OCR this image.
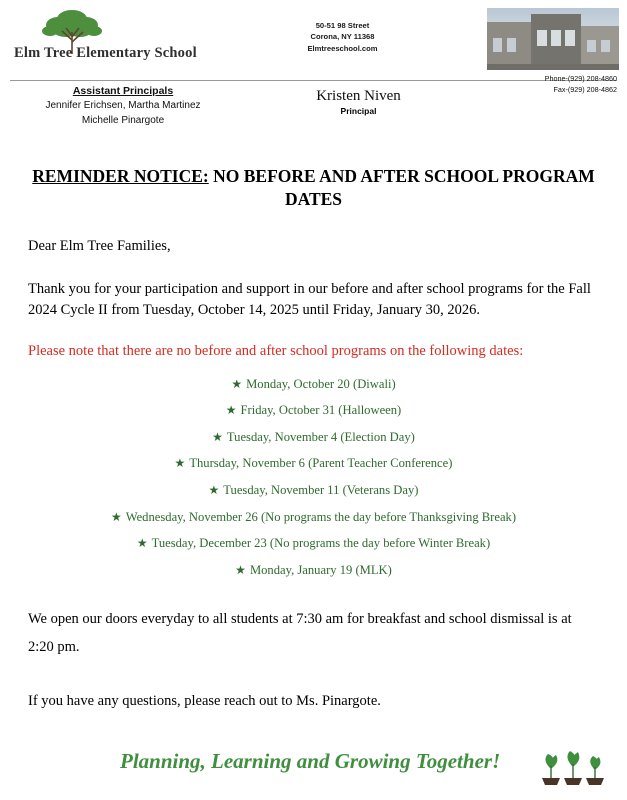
Elm Tree Elementary School
50-51 98 Street
Corona, NY 11368
Elmtreeschool.com
Phone-(929) 208-4860
Fax-(929) 208-4862
Assistant Principals
Jennifer Erichsen, Martha Martinez
Michelle Pinargote
Kristen Niven
Principal
REMINDER NOTICE: NO BEFORE AND AFTER SCHOOL PROGRAM DATES

Dear Elm Tree Families,

Thank you for your participation and support in our before and after school programs for the Fall 2024 Cycle II from Tuesday, October 14, 2025 until Friday, January 30, 2026.

Please note that there are no before and after school programs on the following dates:

★ Monday, October 20 (Diwali)
★ Friday, October 31 (Halloween)
★ Tuesday, November 4 (Election Day)
★ Thursday, November 6 (Parent Teacher Conference)
★ Tuesday, November 11 (Veterans Day)
★ Wednesday, November 26 (No programs the day before Thanksgiving Break)
★ Tuesday, December 23 (No programs the day before Winter Break)
★ Monday, January 19 (MLK)

We open our doors everyday to all students at 7:30 am for breakfast and school dismissal is at 2:20 pm.

If you have any questions, please reach out to Ms. Pinargote.

Planning, Learning and Growing Together!
